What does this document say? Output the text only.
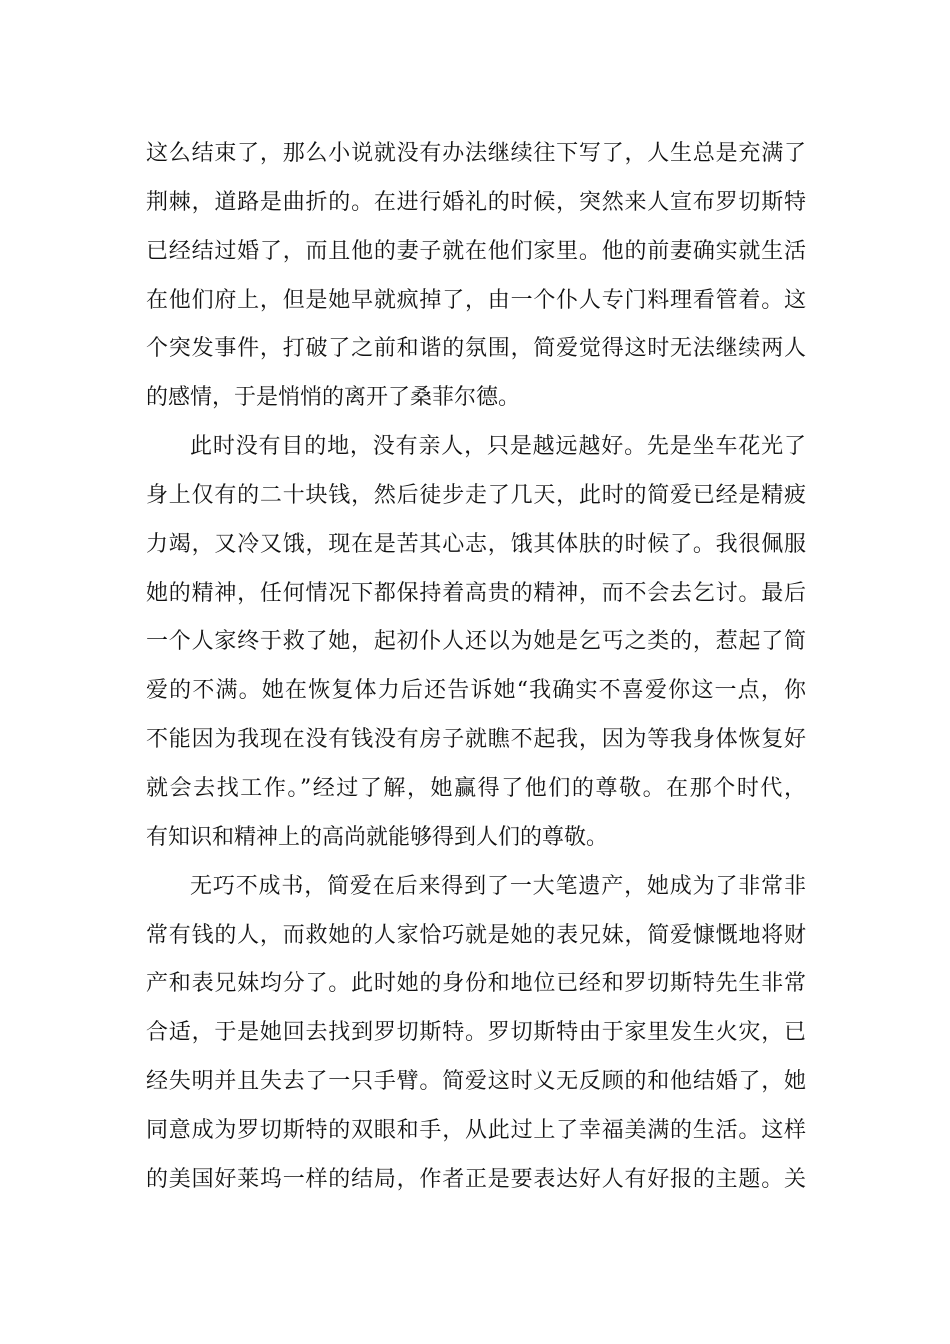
这么结束了，那么小说就没有办法继续往下写了，人生总是充满了
荆棘，道路是曲折的。在进行婚礼的时候，突然来人宣布罗切斯特
已经结过婚了，而且他的妻子就在他们家里。他的前妻确实就生活
在他们府上，但是她早就疯掉了，由一个仆人专门料理看管着。这
个突发事件，打破了之前和谐的氛围，简爱觉得这时无法继续两人
的感情，于是悄悄的离开了桑菲尔德。
此时没有目的地，没有亲人，只是越远越好。先是坐车花光了
身上仅有的二十块钱，然后徒步走了几天，此时的简爱已经是精疲
力竭，又冷又饿，现在是苦其心志，饿其体肤的时候了。我很佩服
她的精神，任何情况下都保持着高贵的精神，而不会去乞讨。最后
一个人家终于救了她，起初仆人还以为她是乞丐之类的，惹起了简
爱的不满。她在恢复体力后还告诉她“我确实不喜爱你这一点，你
不能因为我现在没有钱没有房子就瞧不起我，因为等我身体恢复好
就会去找工作。”经过了解，她赢得了他们的尊敬。在那个时代，
有知识和精神上的高尚就能够得到人们的尊敬。
无巧不成书，简爱在后来得到了一大笔遗产，她成为了非常非
常有钱的人，而救她的人家恰巧就是她的表兄妹，简爱慷慨地将财
产和表兄妹均分了。此时她的身份和地位已经和罗切斯特先生非常
合适，于是她回去找到罗切斯特。罗切斯特由于家里发生火灾，已
经失明并且失去了一只手臂。简爱这时义无反顾的和他结婚了，她
同意成为罗切斯特的双眼和手，从此过上了幸福美满的生活。这样
的美国好莱坞一样的结局，作者正是要表达好人有好报的主题。关
